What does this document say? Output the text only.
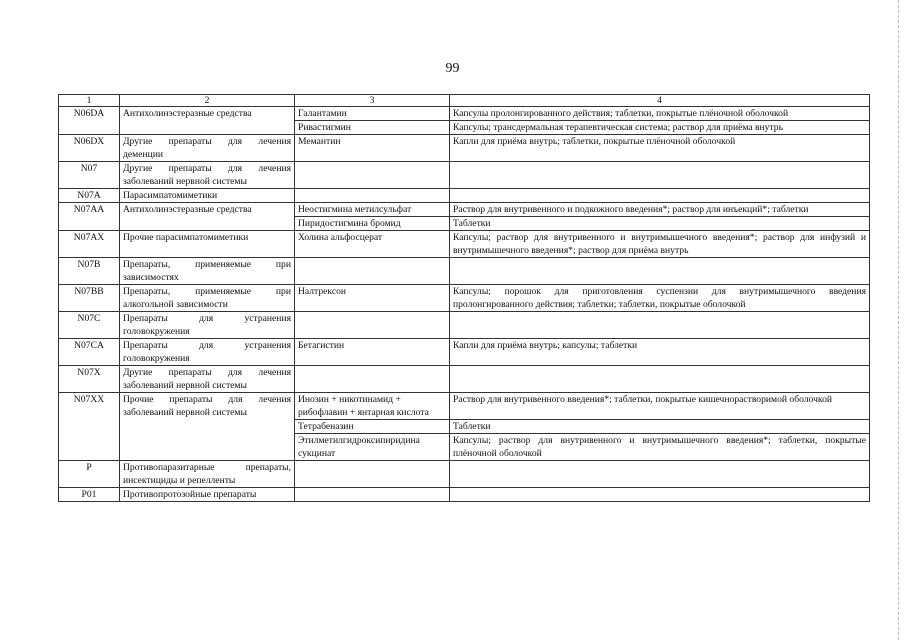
99
1	2	3	4
N06DA	Антихолинэстеразные средства	Галантамин	Капсулы пролонгированного действия; таблетки, покрытые плёночной оболочкой
		Ривастигмин	Капсулы; трансдермальная терапевтическая система; раствор для приёма внутрь
N06DX	Другие препараты для лечения деменции	Мемантин	Капли для приёма внутрь; таблетки, покрытые плёночной оболочкой
N07	Другие препараты для лечения заболеваний нервной системы		
N07A	Парасимпатомиметики		
N07AA	Антихолинэстеразные средства	Неостигмина метилсульфат	Раствор для внутривенного и подкожного введения*; раствор для инъекций*; таблетки
		Пиридостигмина бромид	Таблетки
N07AX	Прочие парасимпатомиметики	Холина альфосцерат	Капсулы; раствор для внутривенного и внутримышечного введения*; раствор для инфузий и внутримышечного введения*; раствор для приёма внутрь
N07B	Препараты, применяемые при зависимостях		
N07BB	Препараты, применяемые при алкогольной зависимости	Налтрексон	Капсулы; порошок для приготовления суспензии для внутримышечного введения пролонгированного действия; таблетки; таблетки, покрытые оболочкой
N07C	Препараты для устранения головокружения		
N07CA	Препараты для устранения головокружения	Бетагистин	Капли для приёма внутрь; капсулы; таблетки
N07X	Другие препараты для лечения заболеваний нервной системы		
N07XX	Прочие препараты для лечения заболеваний нервной системы	Инозин + никотинамид + рибофлавин + янтарная кислота	Раствор для внутривенного введения*; таблетки, покрытые кишечнорастворимой оболочкой
		Тетрабеназин	Таблетки
		Этилметилгидроксипиридина сукцинат	Капсулы; раствор для внутривенного и внутримышечного введения*; таблетки, покрытые плёночной оболочкой
P	Противопаразитарные препараты, инсектициды и репелленты		
P01	Противопротозойные препараты		
